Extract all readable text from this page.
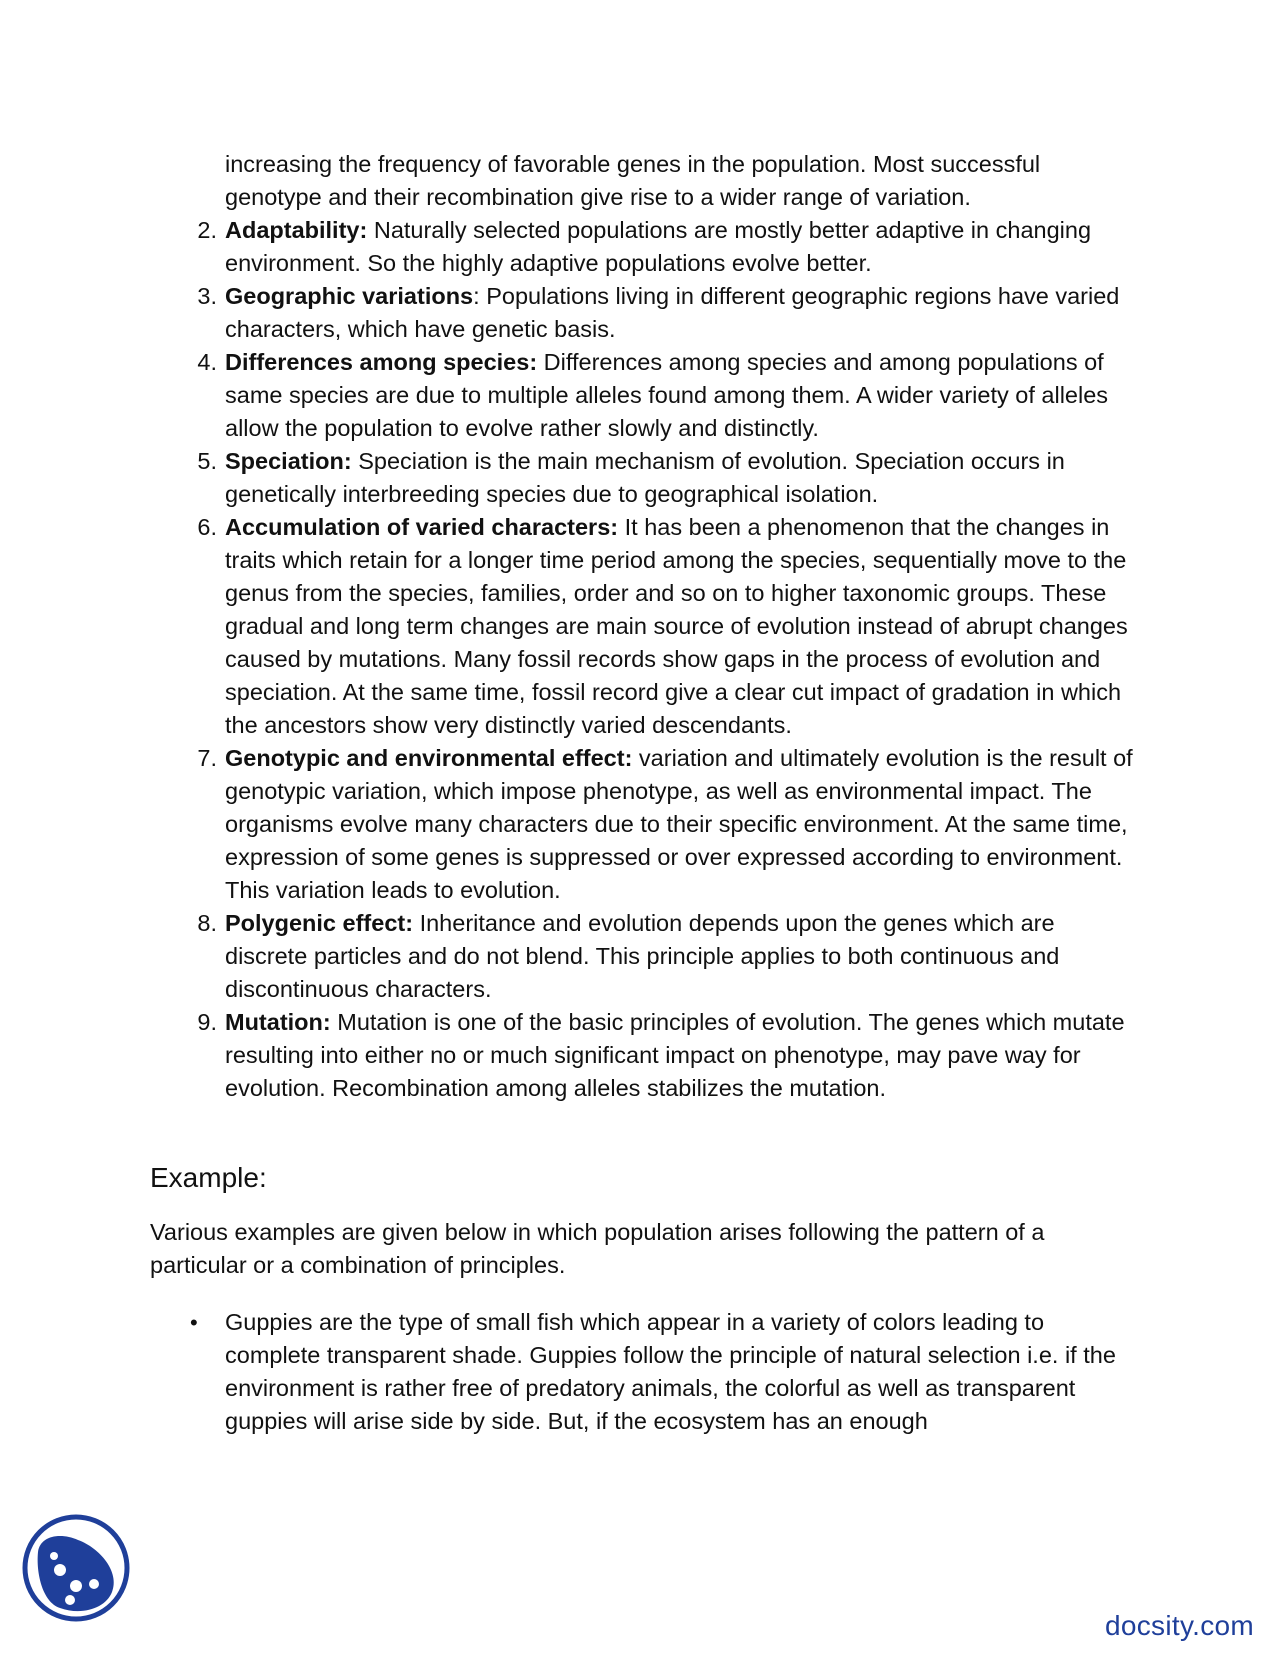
increasing the frequency of favorable genes in the population. Most successful genotype and their recombination give rise to a wider range of variation.
2. Adaptability: Naturally selected populations are mostly better adaptive in changing environment. So the highly adaptive populations evolve better.
3. Geographic variations: Populations living in different geographic regions have varied characters, which have genetic basis.
4. Differences among species: Differences among species and among populations of same species are due to multiple alleles found among them. A wider variety of alleles allow the population to evolve rather slowly and distinctly.
5. Speciation: Speciation is the main mechanism of evolution. Speciation occurs in genetically interbreeding species due to geographical isolation.
6. Accumulation of varied characters: It has been a phenomenon that the changes in traits which retain for a longer time period among the species, sequentially move to the genus from the species, families, order and so on to higher taxonomic groups. These gradual and long term changes are main source of evolution instead of abrupt changes caused by mutations. Many fossil records show gaps in the process of evolution and speciation. At the same time, fossil record give a clear cut impact of gradation in which the ancestors show very distinctly varied descendants.
7. Genotypic and environmental effect: variation and ultimately evolution is the result of genotypic variation, which impose phenotype, as well as environmental impact. The organisms evolve many characters due to their specific environment. At the same time, expression of some genes is suppressed or over expressed according to environment. This variation leads to evolution.
8. Polygenic effect: Inheritance and evolution depends upon the genes which are discrete particles and do not blend. This principle applies to both continuous and discontinuous characters.
9. Mutation: Mutation is one of the basic principles of evolution. The genes which mutate resulting into either no or much significant impact on phenotype, may pave way for evolution. Recombination among alleles stabilizes the mutation.
Example:
Various examples are given below in which population arises following the pattern of a particular or a combination of principles.
• Guppies are the type of small fish which appear in a variety of colors leading to complete transparent shade. Guppies follow the principle of natural selection i.e. if the environment is rather free of predatory animals, the colorful as well as transparent guppies will arise side by side. But, if the ecosystem has an enough
docsity.com
